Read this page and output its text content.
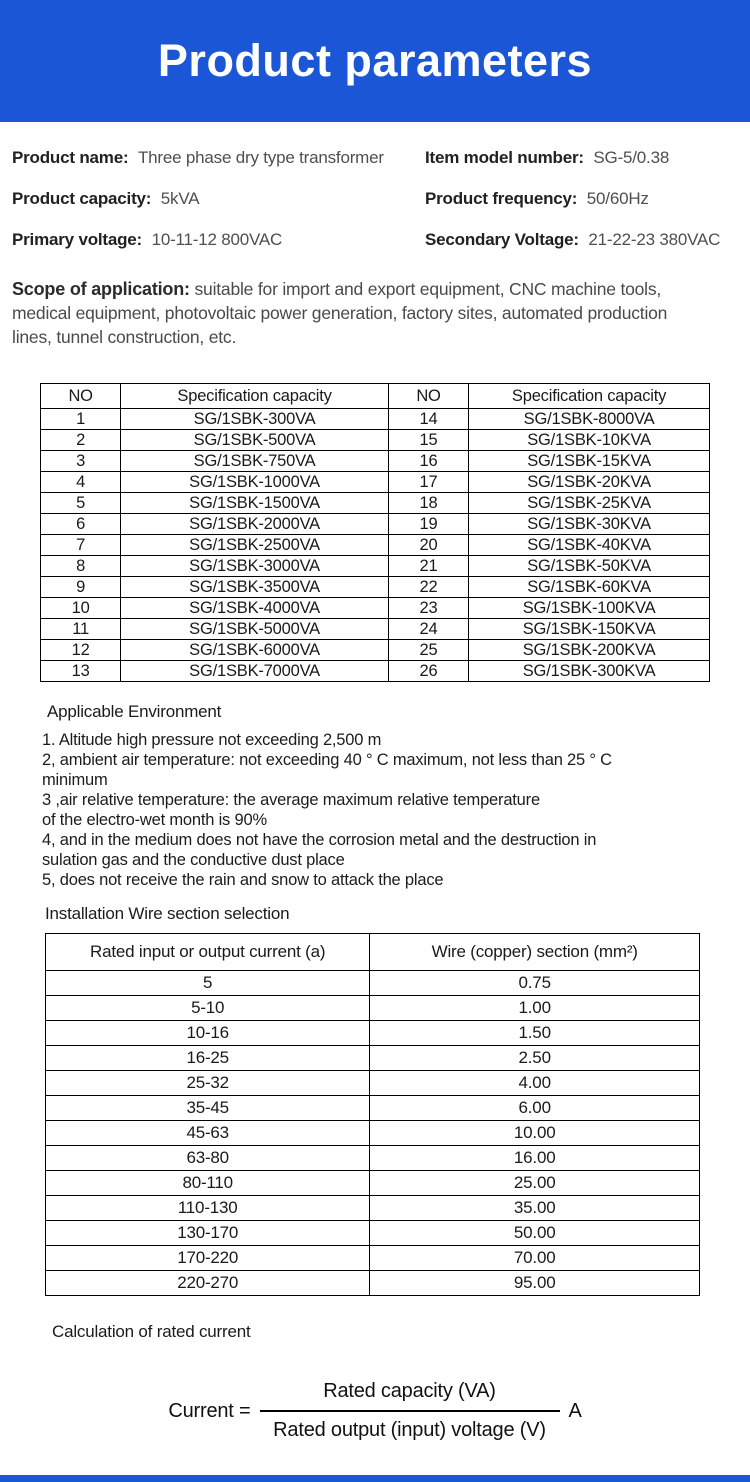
Product parameters
Product name: Three phase dry type transformer	Item model number: SG-5/0.38
Product capacity: 5kVA	Product frequency: 50/60Hz
Primary voltage: 10-11-12 800VAC	Secondary Voltage: 21-22-23 380VAC

Scope of application: suitable for import and export equipment, CNC machine tools, medical equipment, photovoltaic power generation, factory sites, automated production lines, tunnel construction, etc.

NO	Specification capacity	NO	Specification capacity
1	SG/1SBK-300VA	14	SG/1SBK-8000VA
2	SG/1SBK-500VA	15	SG/1SBK-10KVA
3	SG/1SBK-750VA	16	SG/1SBK-15KVA
4	SG/1SBK-1000VA	17	SG/1SBK-20KVA
5	SG/1SBK-1500VA	18	SG/1SBK-25KVA
6	SG/1SBK-2000VA	19	SG/1SBK-30KVA
7	SG/1SBK-2500VA	20	SG/1SBK-40KVA
8	SG/1SBK-3000VA	21	SG/1SBK-50KVA
9	SG/1SBK-3500VA	22	SG/1SBK-60KVA
10	SG/1SBK-4000VA	23	SG/1SBK-100KVA
11	SG/1SBK-5000VA	24	SG/1SBK-150KVA
12	SG/1SBK-6000VA	25	SG/1SBK-200KVA
13	SG/1SBK-7000VA	26	SG/1SBK-300KVA
Applicable Environment
1. Altitude high pressure not exceeding 2,500 m
2, ambient air temperature: not exceeding 40 ° C maximum, not less than 25 ° C
minimum
3 ,air relative temperature: the average maximum relative temperature
of the electro-wet month is 90%
4, and in the medium does not have the corrosion metal and the destruction in
sulation gas and the conductive dust place
5, does not receive the rain and snow to attack the place
Installation Wire section selection
Rated input or output current (a)	Wire (copper) section (mm²)
5	0.75
5-10	1.00
10-16	1.50
16-25	2.50
25-32	4.00
35-45	6.00
45-63	10.00
63-80	16.00
80-110	25.00
110-130	35.00
130-170	50.00
170-220	70.00
220-270	95.00
Calculation of rated current
Current = $\frac{\text{Rated capacity (VA)}}{\text{Rated output (input) voltage (V)}}$ A
